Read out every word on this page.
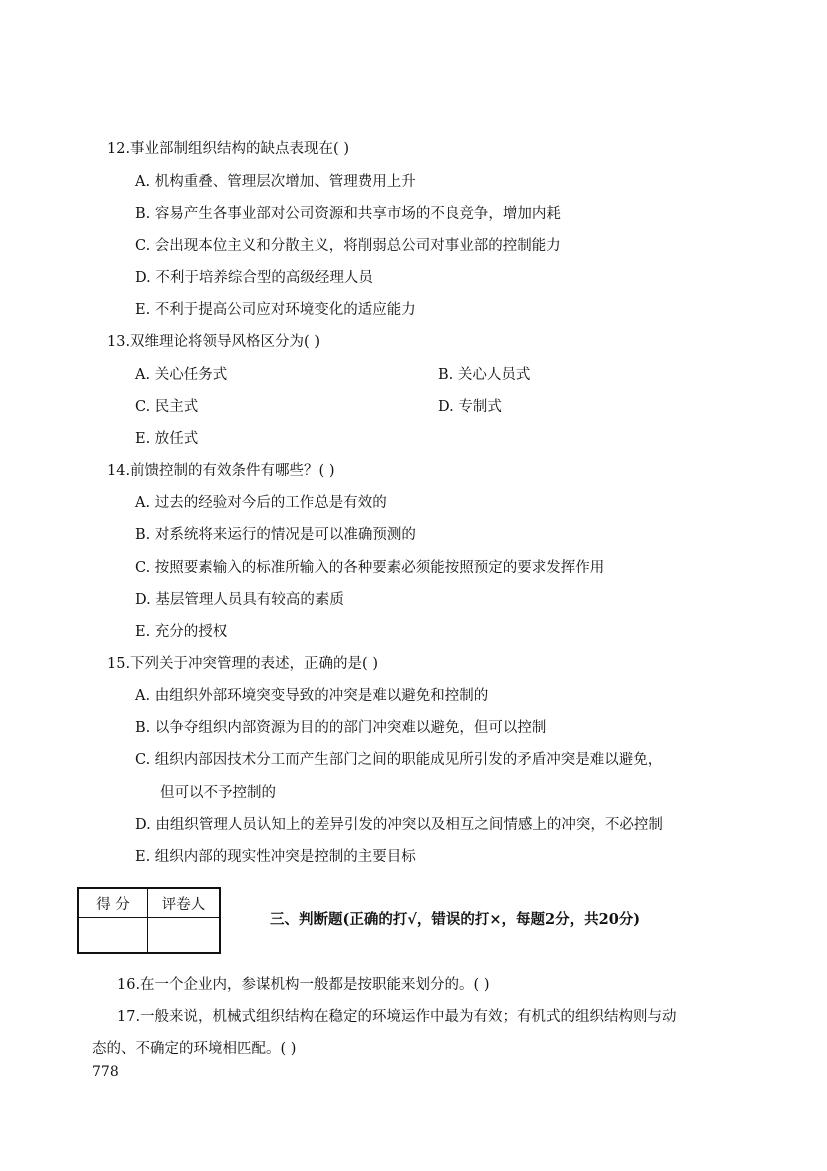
12.事业部制组织结构的缺点表现在( )
A. 机构重叠、管理层次增加、管理费用上升
B. 容易产生各事业部对公司资源和共享市场的不良竞争，增加内耗
C. 会出现本位主义和分散主义，将削弱总公司对事业部的控制能力
D. 不利于培养综合型的高级经理人员
E. 不利于提高公司应对环境变化的适应能力
13.双维理论将领导风格区分为( )
A. 关心任务式	B. 关心人员式
C. 民主式	D. 专制式
E. 放任式
14.前馈控制的有效条件有哪些？( )
A. 过去的经验对今后的工作总是有效的
B. 对系统将来运行的情况是可以准确预测的
C. 按照要素输入的标准所输入的各种要素必须能按照预定的要求发挥作用
D. 基层管理人员具有较高的素质
E. 充分的授权
15.下列关于冲突管理的表述，正确的是( )
A. 由组织外部环境突变导致的冲突是难以避免和控制的
B. 以争夺组织内部资源为目的的部门冲突难以避免，但可以控制
C. 组织内部因技术分工而产生部门之间的职能成见所引发的矛盾冲突是难以避免，
但可以不予控制的
D. 由组织管理人员认知上的差异引发的冲突以及相互之间情感上的冲突，不必控制
E. 组织内部的现实性冲突是控制的主要目标
得 分	评卷人

三、判断题(正确的打√，错误的打×，每题2分，共20分)
16.在一个企业内，参谋机构一般都是按职能来划分的。( )
17.一般来说，机械式组织结构在稳定的环境运作中最为有效；有机式的组织结构则与动
态的、不确定的环境相匹配。( )
778
